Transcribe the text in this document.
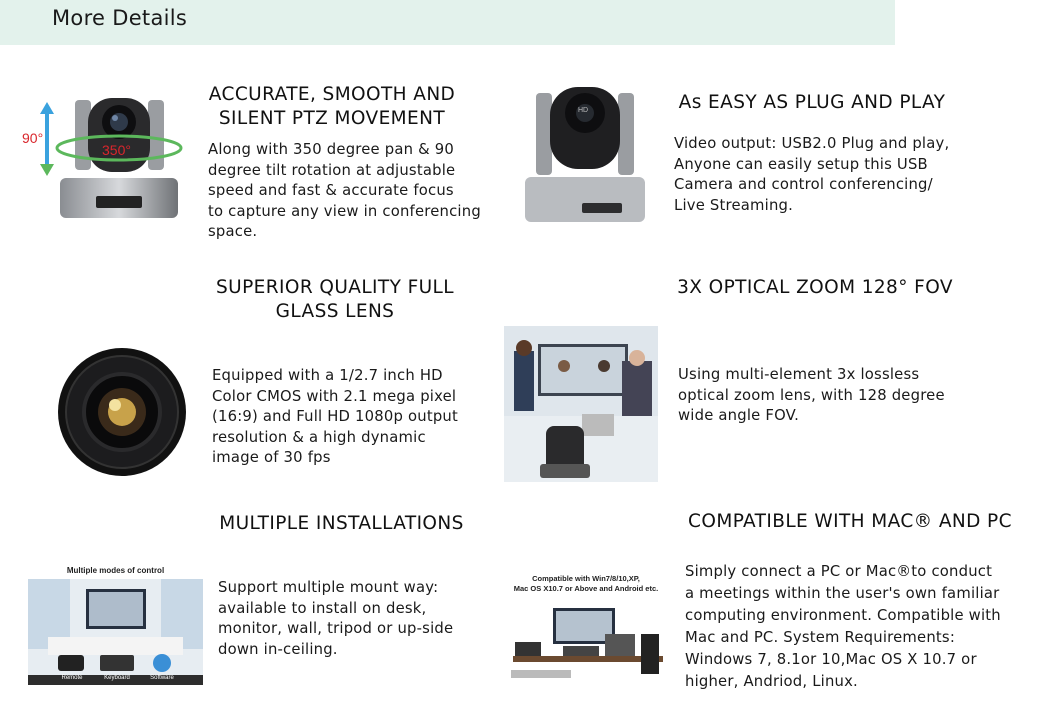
More Details
90°
350°
ACCURATE, SMOOTH AND
SILENT PTZ MOVEMENT
Along with 350 degree pan & 90
degree tilt rotation at adjustable
speed and fast & accurate focus
to capture any view in conferencing
space.
HD	As EASY AS PLUG AND PLAY
Video output: USB2.0 Plug and play,
Anyone can easily setup this USB
Camera and control conferencing/
Live Streaming.
SUPERIOR QUALITY FULL
GLASS LENS
Equipped with a 1/2.7 inch HD
Color CMOS with 2.1 mega pixel
(16:9) and Full HD 1080p output
resolution & a high dynamic
image of 30 fps
3X OPTICAL ZOOM 128° FOV
Using multi-element 3x lossless
optical zoom lens, with 128 degree
wide angle FOV.
Multiple modes of control
Remote	Keyboard	Software
MULTIPLE INSTALLATIONS
Support multiple mount way:
available to install on desk,
monitor, wall, tripod or up-side
down in-ceiling.
Compatible with Win7/8/10,XP,
Mac OS X10.7 or Above and Android etc.
COMPATIBLE WITH MAC® AND PC
Simply connect a PC or Mac®to conduct
a meetings within the user's own familiar
computing environment. Compatible with
Mac and PC. System Requirements:
Windows 7, 8.1or 10,Mac OS X 10.7 or
higher, Andriod, Linux.
